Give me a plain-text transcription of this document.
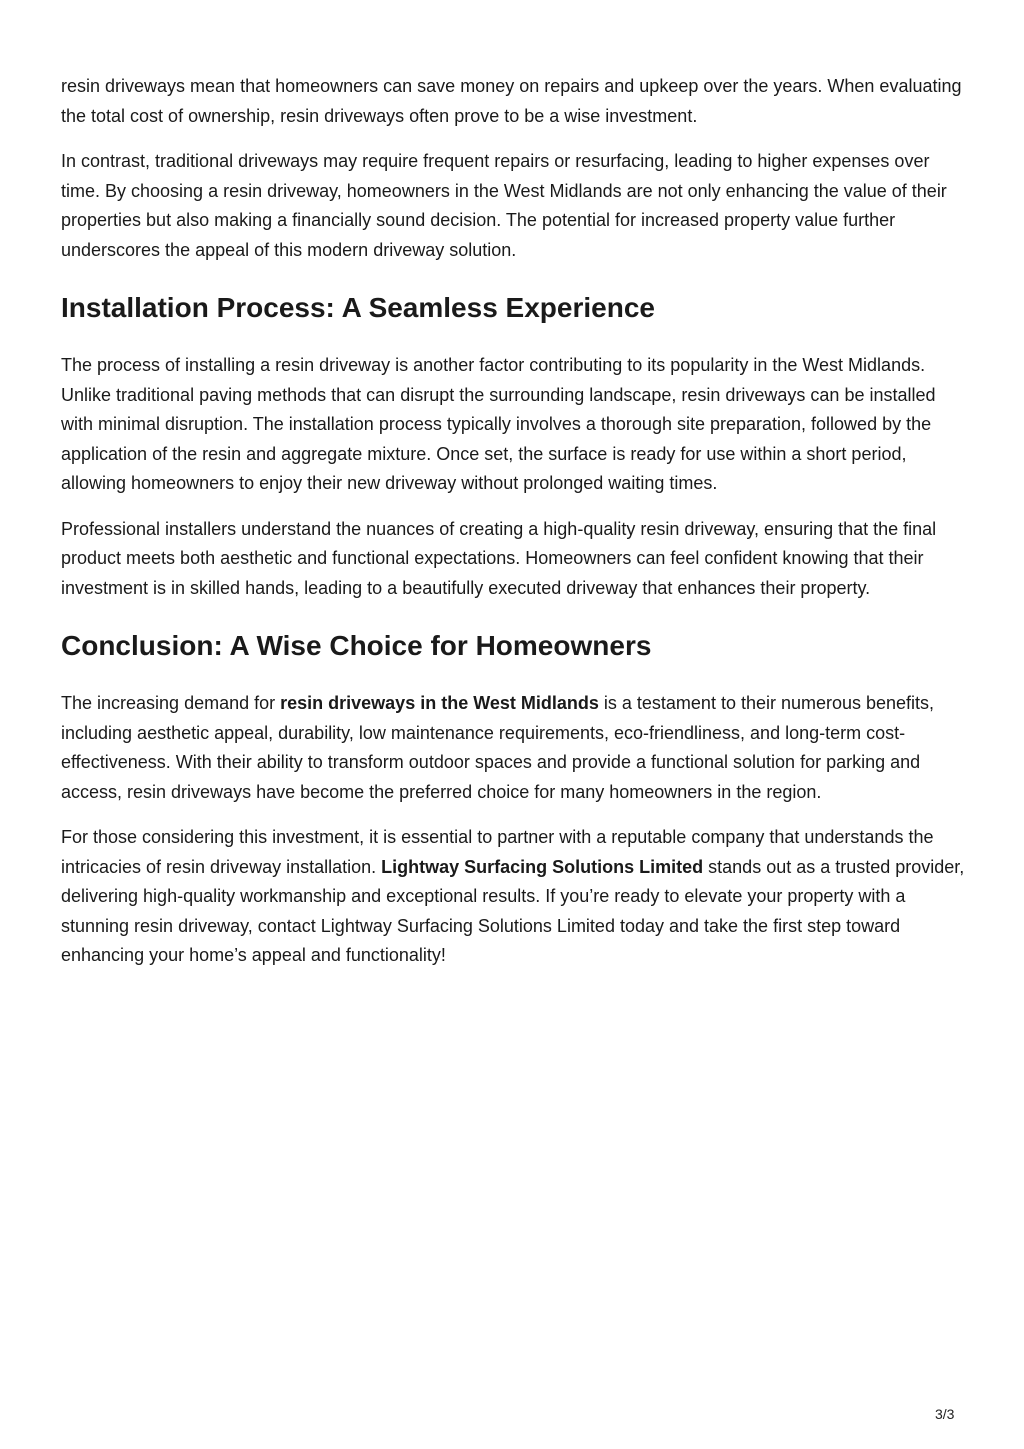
resin driveways mean that homeowners can save money on repairs and upkeep over the years. When evaluating the total cost of ownership, resin driveways often prove to be a wise investment.

In contrast, traditional driveways may require frequent repairs or resurfacing, leading to higher expenses over time. By choosing a resin driveway, homeowners in the West Midlands are not only enhancing the value of their properties but also making a financially sound decision. The potential for increased property value further underscores the appeal of this modern driveway solution.

Installation Process: A Seamless Experience

The process of installing a resin driveway is another factor contributing to its popularity in the West Midlands. Unlike traditional paving methods that can disrupt the surrounding landscape, resin driveways can be installed with minimal disruption. The installation process typically involves a thorough site preparation, followed by the application of the resin and aggregate mixture. Once set, the surface is ready for use within a short period, allowing homeowners to enjoy their new driveway without prolonged waiting times.

Professional installers understand the nuances of creating a high-quality resin driveway, ensuring that the final product meets both aesthetic and functional expectations. Homeowners can feel confident knowing that their investment is in skilled hands, leading to a beautifully executed driveway that enhances their property.

Conclusion: A Wise Choice for Homeowners

The increasing demand for resin driveways in the West Midlands is a testament to their numerous benefits, including aesthetic appeal, durability, low maintenance requirements, eco-friendliness, and long-term cost-effectiveness. With their ability to transform outdoor spaces and provide a functional solution for parking and access, resin driveways have become the preferred choice for many homeowners in the region.

For those considering this investment, it is essential to partner with a reputable company that understands the intricacies of resin driveway installation. Lightway Surfacing Solutions Limited stands out as a trusted provider, delivering high-quality workmanship and exceptional results. If you’re ready to elevate your property with a stunning resin driveway, contact Lightway Surfacing Solutions Limited today and take the first step toward enhancing your home’s appeal and functionality!

3/3
